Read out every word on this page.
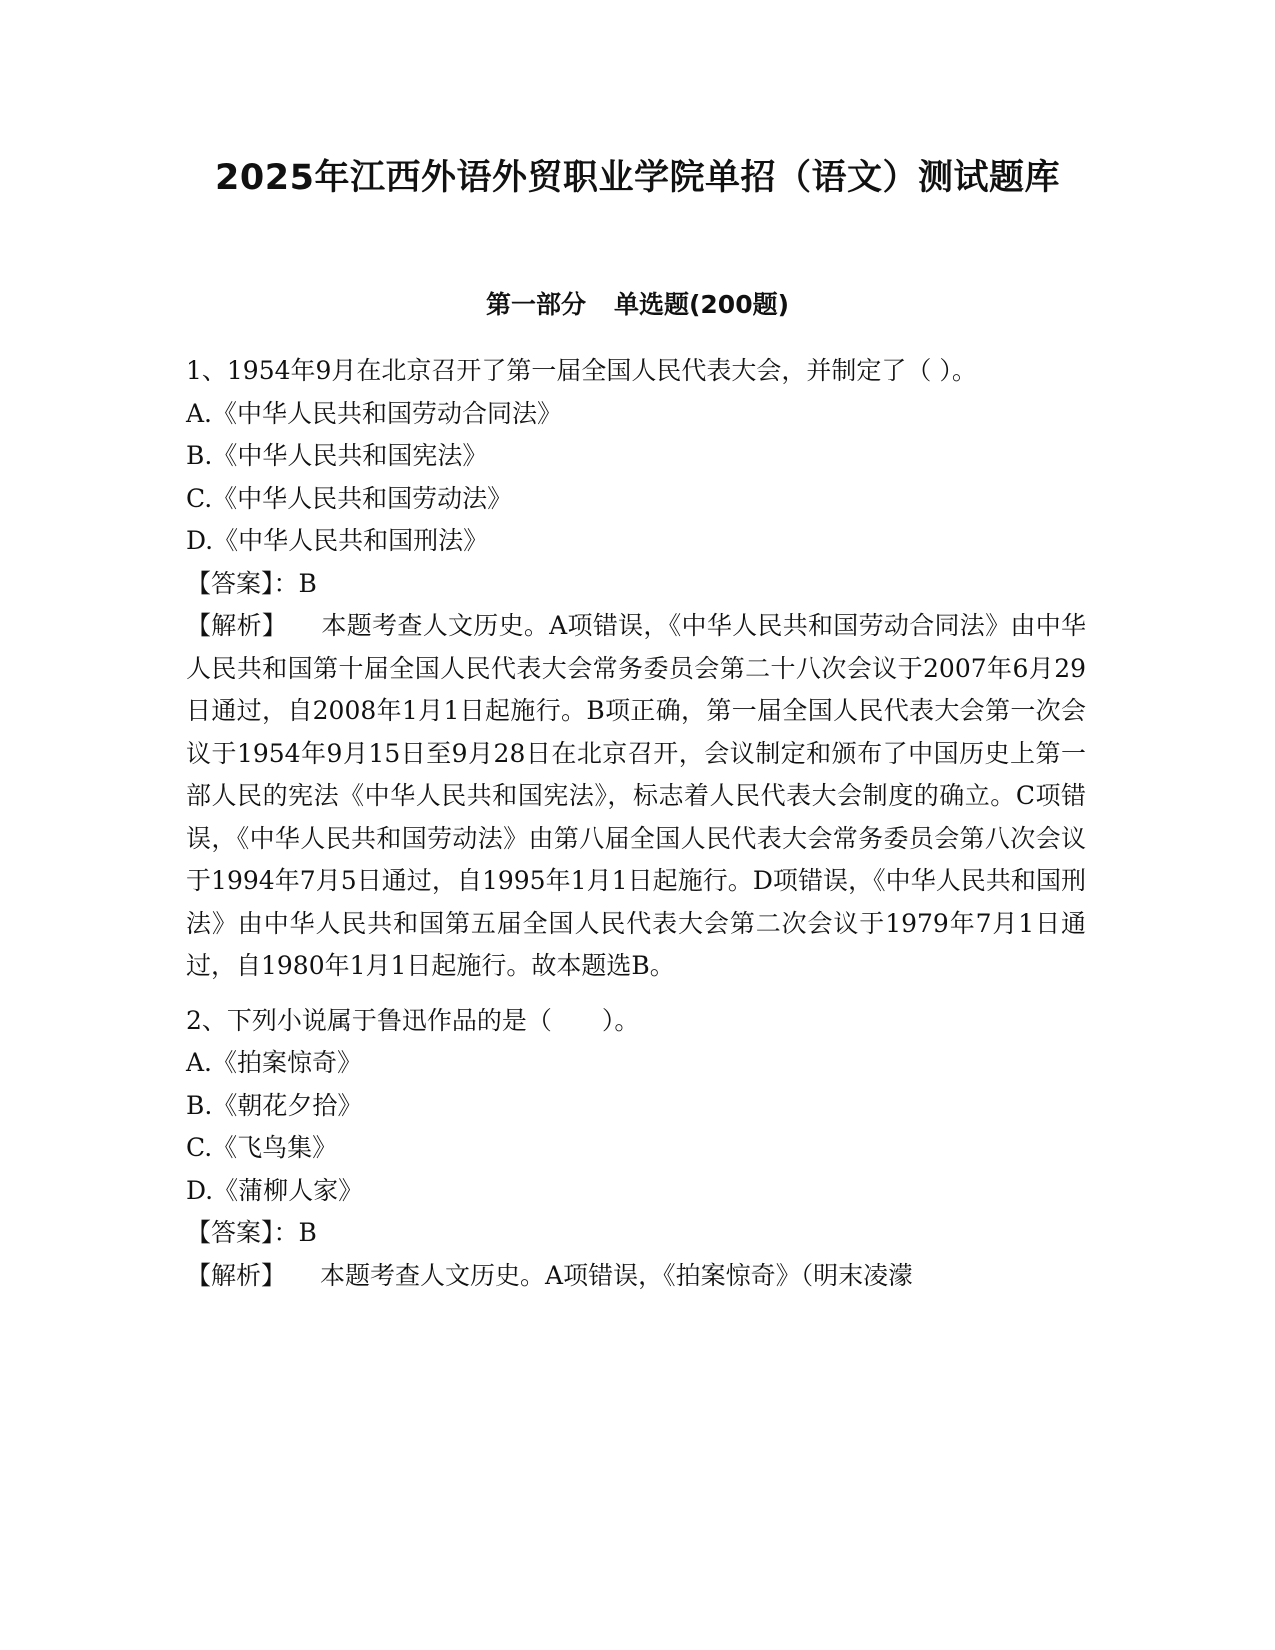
2025年江西外语外贸职业学院单招（语文）测试题库
第一部分 单选题(200题)

1、1954年9月在北京召开了第一届全国人民代表大会，并制定了（ ）。

A.《中华人民共和国劳动合同法》

B.《中华人民共和国宪法》

C.《中华人民共和国劳动法》

D.《中华人民共和国刑法》

【答案】：B

【解析】 本题考查人文历史。A项错误，《中华人民共和国劳动合同法》由中华人民共和国第十届全国人民代表大会常务委员会第二十八次会议于2007年6月29日通过，自2008年1月1日起施行。B项正确，第一届全国人民代表大会第一次会议于1954年9月15日至9月28日在北京召开，会议制定和颁布了中国历史上第一部人民的宪法《中华人民共和国宪法》，标志着人民代表大会制度的确立。C项错误，《中华人民共和国劳动法》由第八届全国人民代表大会常务委员会第八次会议于1994年7月5日通过，自1995年1月1日起施行。D项错误，《中华人民共和国刑法》由中华人民共和国第五届全国人民代表大会第二次会议于1979年7月1日通过，自1980年1月1日起施行。故本题选B。

2、下列小说属于鲁迅作品的是（　　）。

A.《拍案惊奇》

B.《朝花夕拾》

C.《飞鸟集》

D.《蒲柳人家》

【答案】：B

【解析】 本题考查人文历史。A项错误，《拍案惊奇》（明末凌濛
